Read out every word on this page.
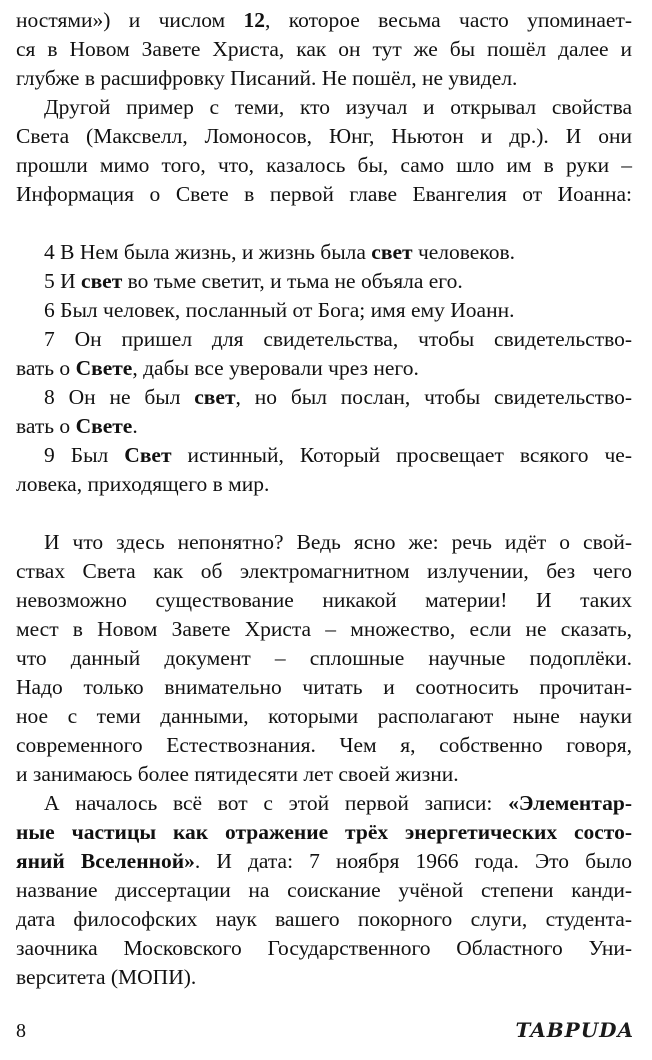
ностями») и числом 12, которое весьма часто упоминает-

ся в Новом Завете Христа, как он тут же бы пошёл далее и

глубже в расшифровку Писаний. Не пошёл, не увидел.

Другой пример с теми, кто изучал и открывал свойства

Света (Максвелл, Ломоносов, Юнг, Ньютон и др.). И они

прошли мимо того, что, казалось бы, само шло им в руки –

Информация о Свете в первой главе Евангелия от Иоанна:

4 В Нем была жизнь, и жизнь была свет человеков.

5 И свет во тьме светит, и тьма не объяла его.

6 Был человек, посланный от Бога; имя ему Иоанн.

7 Он пришел для свидетельства, чтобы свидетельство-

вать о Свете, дабы все уверовали чрез него.

8 Он не был свет, но был послан, чтобы свидетельство-

вать о Свете.

9 Был Свет истинный, Который просвещает всякого че-

ловека, приходящего в мир.

И что здесь непонятно? Ведь ясно же: речь идёт о свой-

ствах Света как об электромагнитном излучении, без чего

невозможно существование никакой материи! И таких

мест в Новом Завете Христа – множество, если не сказать,

что данный документ – сплошные научные подоплёки.

Надо только внимательно читать и соотносить прочитан-

ное с теми данными, которыми располагают ныне науки

современного Естествознания. Чем я, собственно говоря,

и занимаюсь более пятидесяти лет своей жизни.

А началось всё вот с этой первой записи: «Элементар-

ные частицы как отражение трёх энергетических состо-

яний Вселенной». И дата: 7 ноября 1966 года. Это было

название диссертации на соискание учёной степени канди-

дата философских наук вашего покорного слуги, студента-

заочника Московского Государственного Областного Уни-

верситета (МОПИ).

8	TABPUDA
